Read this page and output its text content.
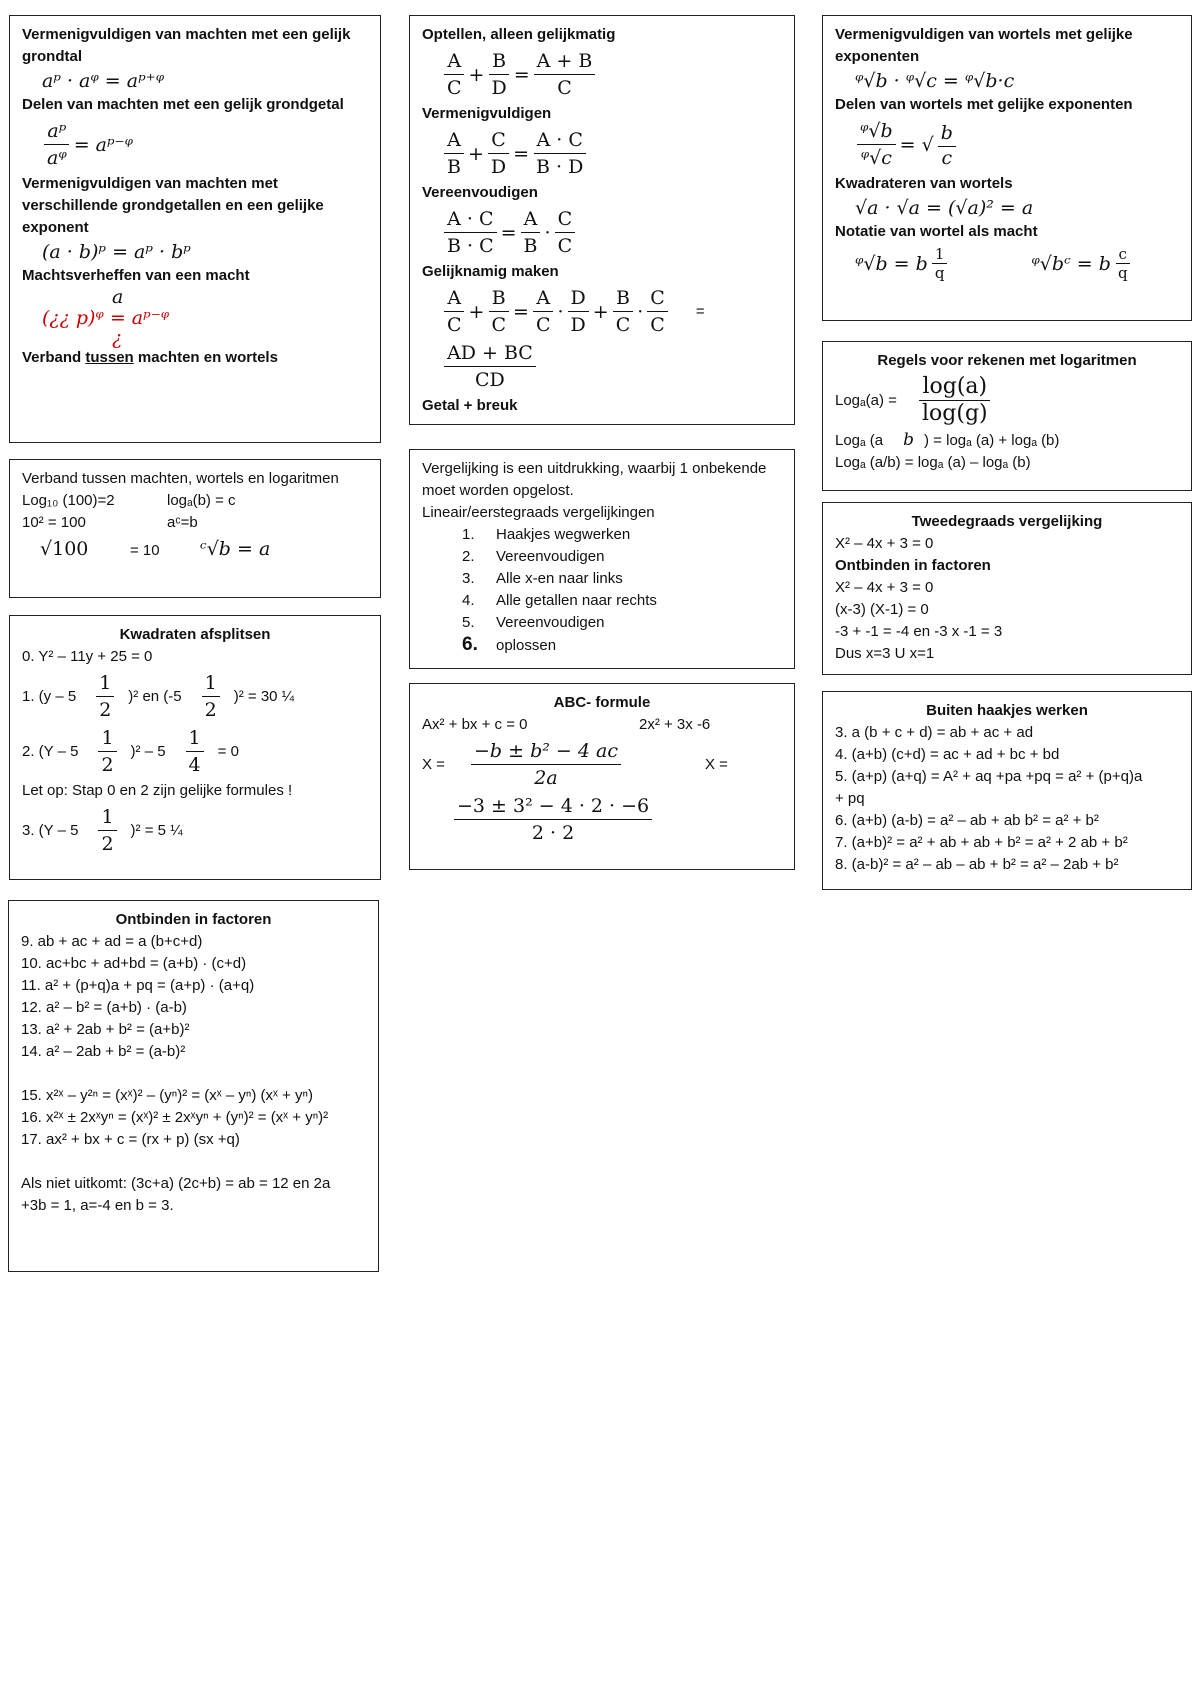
Vermenigvuldigen van machten met een gelijk grondtal
aᵖ · aᵠ = aᵖ⁺ᵠ
Delen van machten met een gelijk grondgetal
$\frac{\text{aᵖ}}{\text{aᵠ}}$ = aᵖ⁻ᵠ
Vermenigvuldigen van machten met verschillende grondgetallen en een gelijke exponent
(a · b)ᵖ = aᵖ · bᵖ
Machtsverheffen van een macht
a
(¿¿ p)ᵠ = aᵖ⁻ᵠ
¿
Verband tussen machten en wortels
Verband tussen machten, wortels en logaritmen
Log₁₀ (100)=2	logₐ(b) = c
10² = 100	aᶜ=b
√100	= 10 ᶜ√b = a
Kwadraten afsplitsen
0. Y² – 11y + 25 = 0
1. $(y - 5 \frac{1}{2} )^2$ en $(-5 \frac{1}{2} )^2 = 30$ ¼
2. $(Y - 5 \frac{1}{2} )^2 - 5 \frac{1}{4} = 0$
Let op: Stap 0 en 2 zijn gelijke formules !
3. $(Y - 5 \frac{1}{2} )^2 = 5$ ¼
Ontbinden in factoren
9. ab + ac + ad = a (b+c+d)
10. ac+bc + ad+bd = (a+b) · (c+d)
11. a² + (p+q)a + pq = (a+p) · (a+q)
12. a² – b² = (a+b) · (a-b)
13. a² + 2ab + b² = (a+b)²
14. a² – 2ab + b² = (a-b)²
15. x²ˣ – y²ⁿ = (xˣ)² – (yⁿ)² = (xˣ – yⁿ) (xˣ + yⁿ)
16. x²ˣ ± 2xˣyⁿ = (xˣ)² ± 2xˣyⁿ + (yⁿ)² = (xˣ + yⁿ)²
17. ax² + bx + c = (rx + p) (sx +q)
Als niet uitkomt: (3c+a) (2c+b) = ab = 12 en 2a
+3b = 1, a=-4 en b = 3.
Optellen, alleen gelijkmatig
$\frac{A}{C} + \frac{B}{D} = \frac{A + B}{C}$
Vermenigvuldigen
$\frac{A}{B} + \frac{C}{D} = \frac{A \cdot C}{B \cdot D}$
Vereenvoudigen
$\frac{A \cdot C}{B \cdot C} = \frac{A}{B} \cdot \frac{C}{C}$
Gelijknamig maken
$\frac{A}{C} + \frac{B}{C} = \frac{A}{C} \cdot \frac{D}{D} + \frac{B}{C} \cdot \frac{C}{C}$ =
$\frac{AD + BC}{CD}$
Getal + breuk
Vergelijking is een uitdrukking, waarbij 1 onbekende moet worden opgelost.
Lineair/eerstegraads vergelijkingen
1. Haakjes wegwerken
2. Vereenvoudigen
3. Alle x-en naar links
4. Alle getallen naar rechts
5. Vereenvoudigen
6. oplossen
ABC- formule
Ax² + bx + c = 0	2x² + 3x -6
X =	$\frac{\text{−b ± b² − 4 ac}}{2a}$	X =
$\frac{\text{−3 ± 3² − 4 · 2 · −6}}{2 \cdot 2}$
Vermenigvuldigen van wortels met gelijke exponenten
ᵠ√b · ᵠ√c = ᵠ√b·c
Delen van wortels met gelijke exponenten
$\frac{\text{ᵠ√b}}{\text{ᵠ√c}}$ = √ $\frac{b}{c}$
Kwadrateren van wortels
√a · √a = (√a)² = a
Notatie van wortel als macht
ᵠ√b = b $\frac{1}{q}$	ᵠ√bᶜ = b $\frac{c}{q}$
Regels voor rekenen met logaritmen
Logₐ(a) =	$\frac{\log(a)}{\log(g)}$
Logₐ (a b ) = logₐ (a) + logₐ (b)
Logₐ (a/b) = logₐ (a) – logₐ (b)
Tweedegraads vergelijking
X² – 4x + 3 = 0
Ontbinden in factoren
X² – 4x + 3 = 0
(x-3) (X-1) = 0
-3 + -1 = -4 en -3 x -1 = 3
Dus x=3 U x=1
Buiten haakjes werken
3. a (b + c + d) = ab + ac + ad
4. (a+b) (c+d) = ac + ad + bc + bd
5. (a+p) (a+q) = A² + aq +pa +pq = a² + (p+q)a
+ pq
6. (a+b) (a-b) = a² – ab + ab b² = a² + b²
7. (a+b)² = a² + ab + ab + b² = a² + 2 ab + b²
8. (a-b)² = a² – ab – ab + b² = a² – 2ab + b²
